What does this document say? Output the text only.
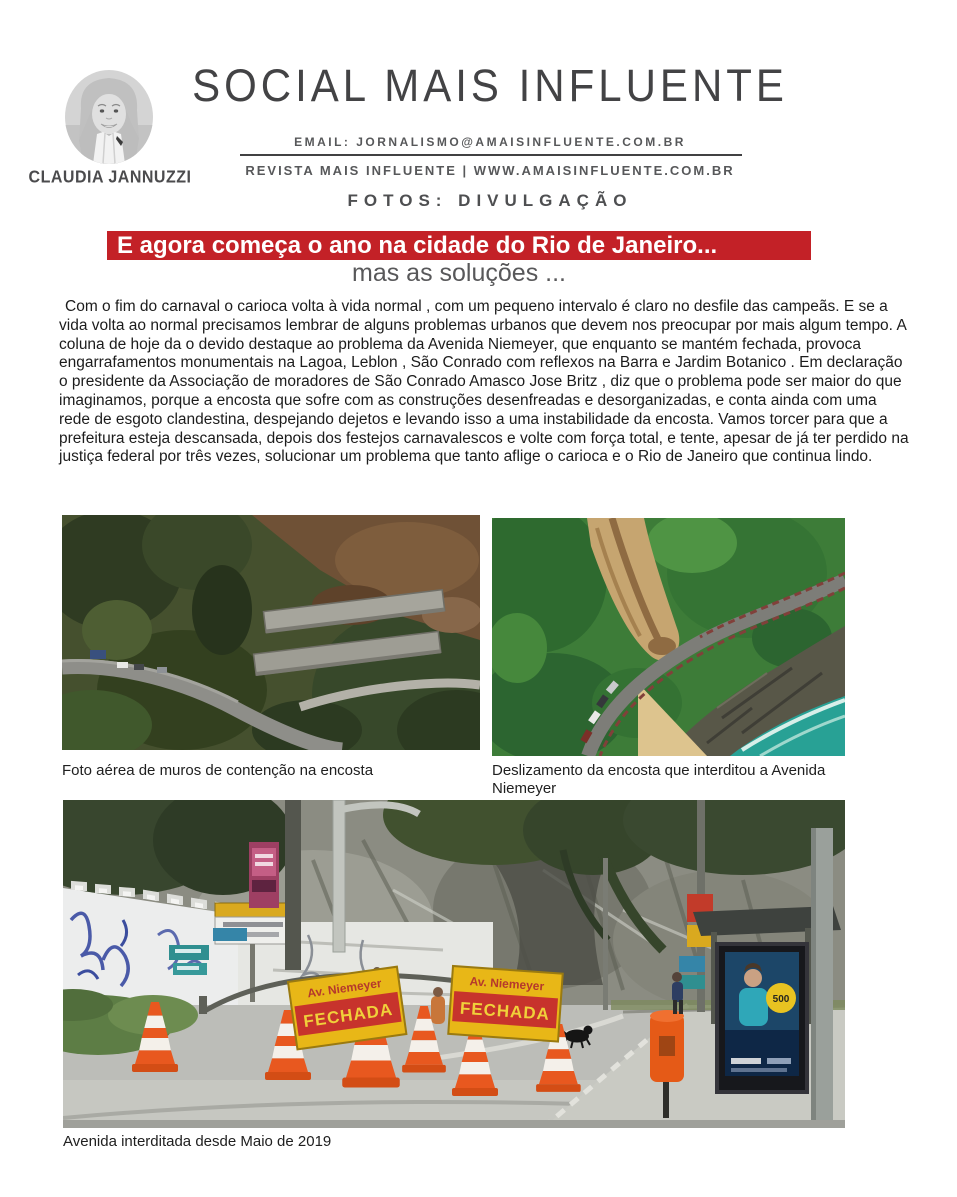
CLAUDIA JANNUZZI
SOCIAL MAIS INFLUENTE
EMAIL: JORNALISMO@AMAISINFLUENTE.COM.BR
REVISTA MAIS INFLUENTE | WWW.AMAISINFLUENTE.COM.BR
FOTOS: DIVULGAÇÃO
E agora começa o ano na cidade do Rio de Janeiro...
mas as soluções ...

Com o fim do carnaval o carioca volta à vida normal , com um pequeno intervalo é claro no desfile das campeãs. E se a vida volta ao normal precisamos lembrar de alguns problemas urbanos que devem nos preocupar por mais algum tempo. A coluna de hoje da o devido destaque ao problema da Avenida Niemeyer, que enquanto se mantém fechada, provoca engarrafamentos monumentais na Lagoa, Leblon , São Conrado com reflexos na Barra e Jardim Botanico . Em declaração o presidente da Associação de moradores de São Conrado Amasco Jose Britz , diz que o problema pode ser maior do que imaginamos, porque a encosta que sofre com as construções desenfreadas e desorganizadas, e conta ainda com uma rede de esgoto clandestina, despejando dejetos e levando isso a uma instabilidade da encosta. Vamos torcer para que a prefeitura esteja descansada, depois dos festejos carnavalescos e volte com força total, e tente, apesar de já ter perdido na justiça federal por três vezes, solucionar um problema que tanto aflige o carioca e o Rio de Janeiro que continua lindo.

Foto aérea de muros de contenção na encosta	Deslizamento da encosta que interditou a Avenida Niemeyer
500
Avenida interditada desde Maio de 2019
